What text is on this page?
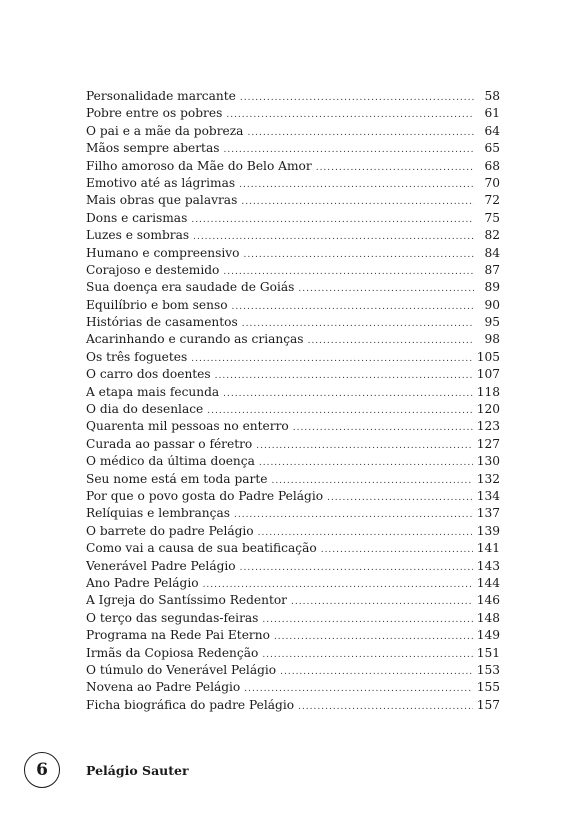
Personalidade marcante .....	58
Pobre entre os pobres .....	61
O pai e a mãe da pobreza .....	64
Mãos sempre abertas .....	65
Filho amoroso da Mãe do Belo Amor .....	68
Emotivo até as lágrimas .....	70
Mais obras que palavras .....	72
Dons e carismas .....	75
Luzes e sombras .....	82
Humano e compreensivo .....	84
Corajoso e destemido .....	87
Sua doença era saudade de Goiás .....	89
Equilíbrio e bom senso .....	90
Histórias de casamentos .....	95
Acarinhando e curando as crianças .....	98
Os três foguetes .....	105
O carro dos doentes .....	107
A etapa mais fecunda .....	118
O dia do desenlace .....	120
Quarenta mil pessoas no enterro .....	123
Curada ao passar o féretro .....	127
O médico da última doença .....	130
Seu nome está em toda parte .....	132
Por que o povo gosta do Padre Pelágio .....	134
Relíquias e lembranças .....	137
O barrete do padre Pelágio .....	139
Como vai a causa de sua beatificação .....	141
Venerável Padre Pelágio .....	143
Ano Padre Pelágio .....	144
A Igreja do Santíssimo Redentor .....	146
O terço das segundas-feiras .....	148
Programa na Rede Pai Eterno .....	149
Irmãs da Copiosa Redenção .....	151
O túmulo do Venerável Pelágio .....	153
Novena ao Padre Pelágio .....	155
Ficha biográfica do padre Pelágio .....	157
6	Pelágio Sauter
